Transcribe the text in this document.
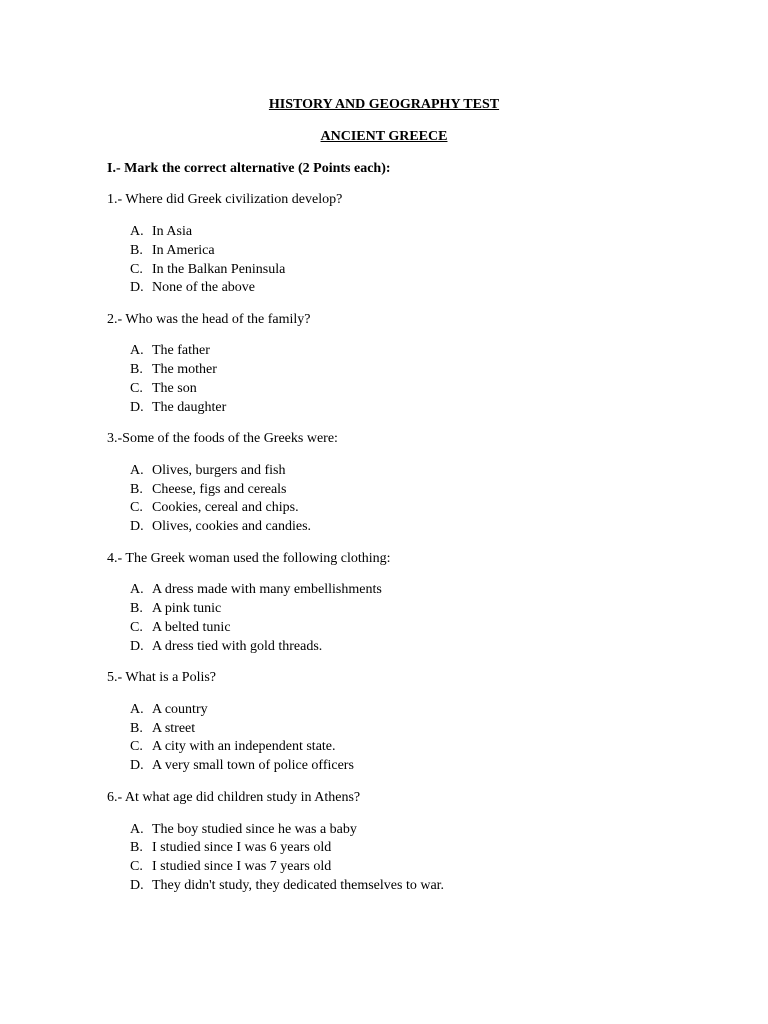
HISTORY AND GEOGRAPHY TEST

ANCIENT GREECE

I.- Mark the correct alternative (2 Points each):

1.- Where did Greek civilization develop?

A. In Asia
B. In America
C. In the Balkan Peninsula
D. None of the above

2.- Who was the head of the family?

A. The father
B. The mother
C. The son
D. The daughter

3.-Some of the foods of the Greeks were:

A. Olives, burgers and fish
B. Cheese, figs and cereals
C. Cookies, cereal and chips.
D. Olives, cookies and candies.

4.- The Greek woman used the following clothing:

A. A dress made with many embellishments
B. A pink tunic
C. A belted tunic
D. A dress tied with gold threads.

5.- What is a Polis?

A. A country
B. A street
C. A city with an independent state.
D. A very small town of police officers

6.- At what age did children study in Athens?

A. The boy studied since he was a baby
B. I studied since I was 6 years old
C. I studied since I was 7 years old
D. They didn't study, they dedicated themselves to war.
